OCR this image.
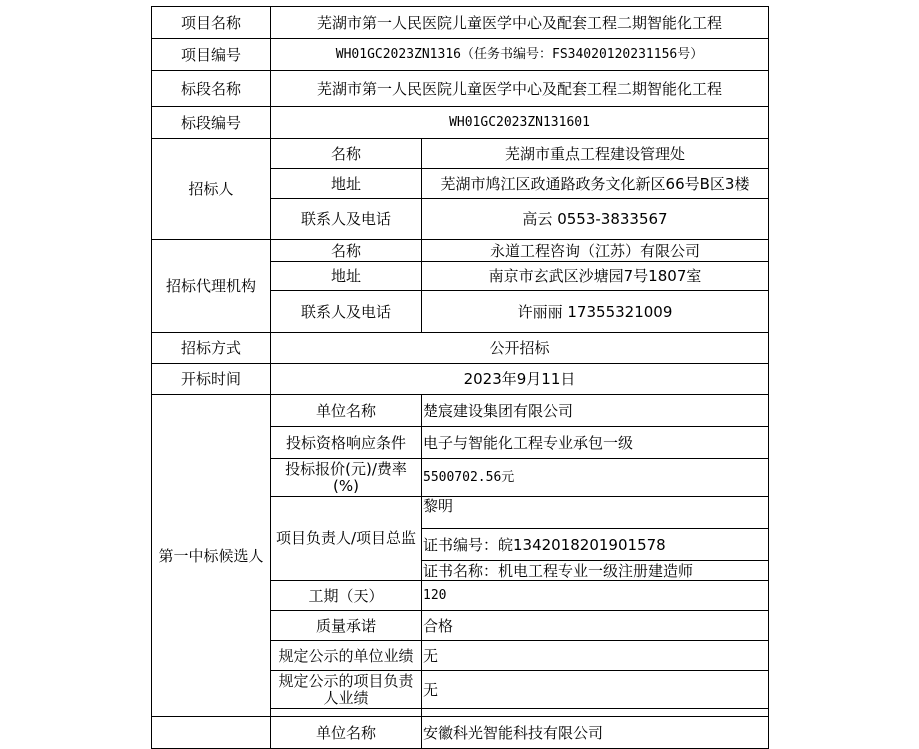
项目名称	芜湖市第一人民医院儿童医学中心及配套工程二期智能化工程	
项目编号	WH01GC2023ZN1316（任务书编号：FS34020120231156号）	
标段名称	芜湖市第一人民医院儿童医学中心及配套工程二期智能化工程	
标段编号	WH01GC2023ZN131601	
招标人	名称	芜湖市重点工程建设管理处
	地址	芜湖市鸠江区政通路政务文化新区66号B区3楼
	联系人及电话	高云 0553-3833567
招标代理机构	名称	永道工程咨询（江苏）有限公司
	地址	南京市玄武区沙塘园7号1807室
	联系人及电话	许丽丽 17355321009
招标方式	公开招标	
开标时间	2023年9月11日	
第一中标候选人	单位名称	楚宸建设集团有限公司
	投标资格响应条件	电子与智能化工程专业承包一级
	投标报价(元)/费率(%)	5500702.56元
	项目负责人/项目总监	黎明
		证书编号：皖1342018201901578
		证书名称：机电工程专业一级注册建造师
	工期（天）	120
	质量承诺	合格
	规定公示的单位业绩	无
	规定公示的项目负责人业绩	无

	单位名称	安徽科光智能科技有限公司
